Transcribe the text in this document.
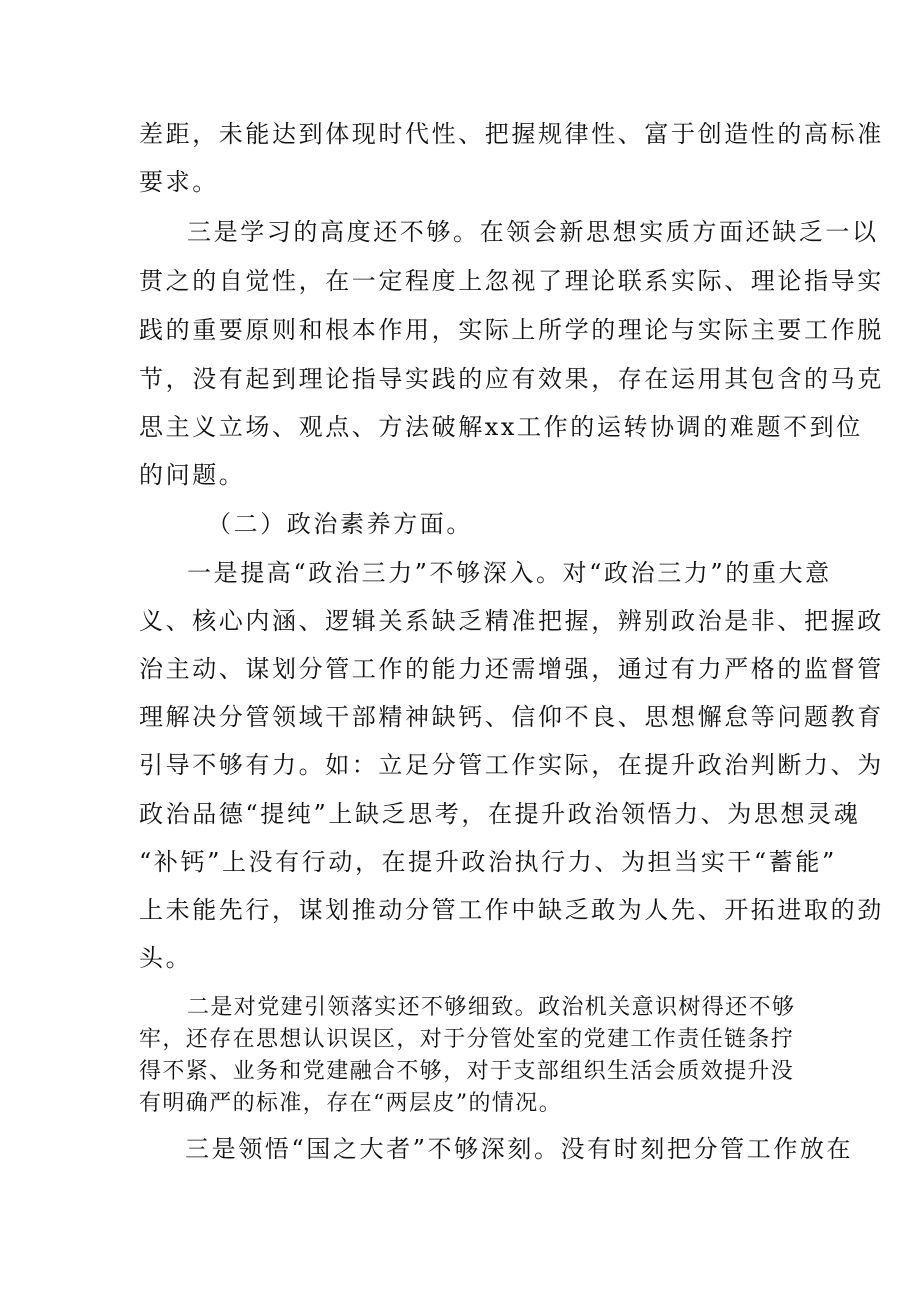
差距，未能达到体现时代性、把握规律性、富于创造性的高标准
要求。
三是学习的高度还不够。在领会新思想实质方面还缺乏一以
贯之的自觉性，在一定程度上忽视了理论联系实际、理论指导实
践的重要原则和根本作用，实际上所学的理论与实际主要工作脱
节，没有起到理论指导实践的应有效果，存在运用其包含的马克
思主义立场、观点、方法破解xx工作的运转协调的难题不到位
的问题。
（二）政治素养方面。
一是提高“政治三力”不够深入。对“政治三力”的重大意
义、核心内涵、逻辑关系缺乏精准把握，辨别政治是非、把握政
治主动、谋划分管工作的能力还需增强，通过有力严格的监督管
理解决分管领域干部精神缺钙、信仰不良、思想懈怠等问题教育
引导不够有力。如：立足分管工作实际，在提升政治判断力、为
政治品德“提纯”上缺乏思考，在提升政治领悟力、为思想灵魂
“补钙”上没有行动，在提升政治执行力、为担当实干“蓄能”
上未能先行，谋划推动分管工作中缺乏敢为人先、开拓进取的劲
头。
二是对党建引领落实还不够细致。政治机关意识树得还不够
牢，还存在思想认识误区，对于分管处室的党建工作责任链条拧
得不紧、业务和党建融合不够，对于支部组织生活会质效提升没
有明确严的标准，存在“两层皮”的情况。
三是领悟“国之大者”不够深刻。没有时刻把分管工作放在
